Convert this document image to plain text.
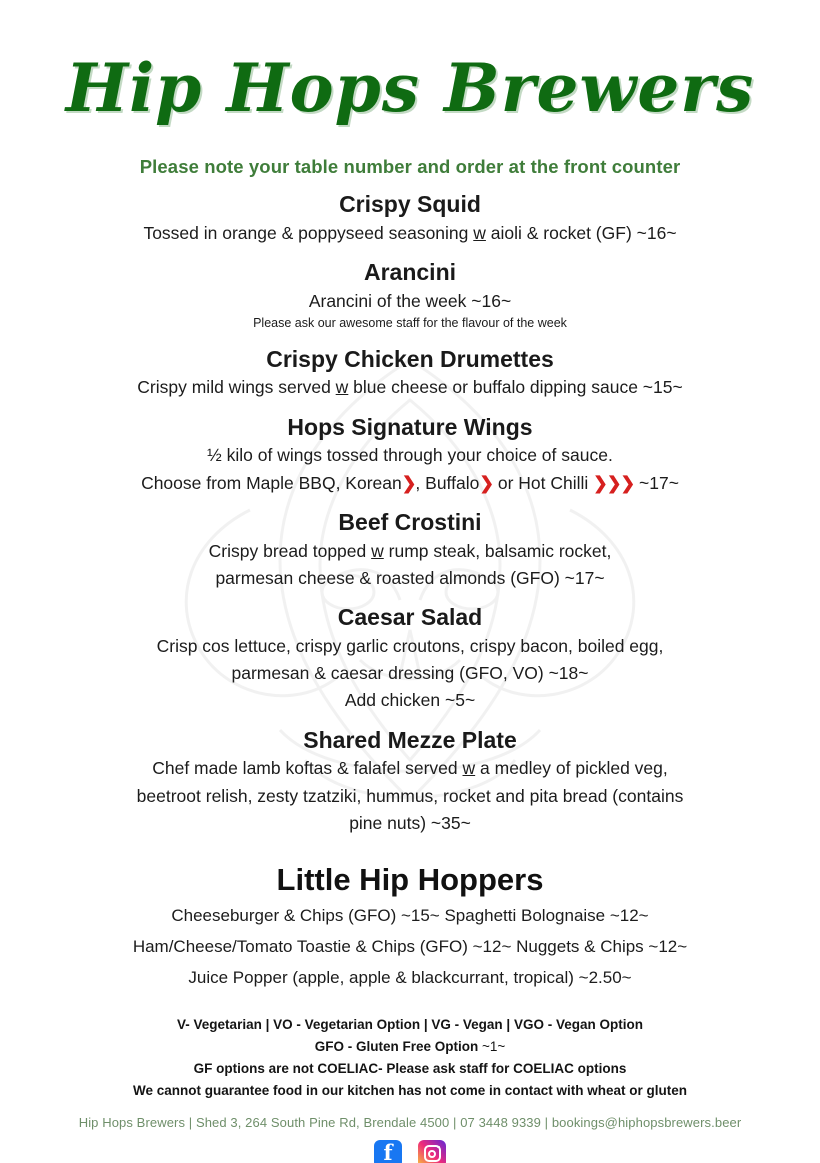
Hip Hops Brewers
Please note your table number and order at the front counter
Crispy Squid
Tossed in orange & poppyseed seasoning w aioli & rocket (GF) ~16~
Arancini
Arancini of the week ~16~
Please ask our awesome staff for the flavour of the week
Crispy Chicken Drumettes
Crispy mild wings served w blue cheese or buffalo dipping sauce ~15~
Hops Signature Wings
½ kilo of wings tossed through your choice of sauce.
Choose from Maple BBQ, Korean❯, Buffalo❯ or Hot Chilli ❯❯❯ ~17~
Beef Crostini
Crispy bread topped w rump steak, balsamic rocket,
parmesan cheese & roasted almonds (GFO) ~17~
Caesar Salad
Crisp cos lettuce, crispy garlic croutons, crispy bacon, boiled egg,
parmesan & caesar dressing (GFO, VO) ~18~
Add chicken ~5~
Shared Mezze Plate
Chef made lamb koftas & falafel served w a medley of pickled veg,
beetroot relish, zesty tzatziki, hummus, rocket and pita bread (contains
pine nuts) ~35~
Little Hip Hoppers
Cheeseburger & Chips (GFO) ~15~ Spaghetti Bolognaise ~12~
Ham/Cheese/Tomato Toastie & Chips (GFO) ~12~ Nuggets & Chips ~12~
Juice Popper (apple, apple & blackcurrant, tropical) ~2.50~
V- Vegetarian | VO - Vegetarian Option | VG - Vegan | VGO - Vegan Option
GFO - Gluten Free Option ~1~
GF options are not COELIAC- Please ask staff for COELIAC options
We cannot guarantee food in our kitchen has not come in contact with wheat or gluten
Hip Hops Brewers | Shed 3, 264 South Pine Rd, Brendale 4500 | 07 3448 9339 | bookings@hiphopsbrewers.beer
f
